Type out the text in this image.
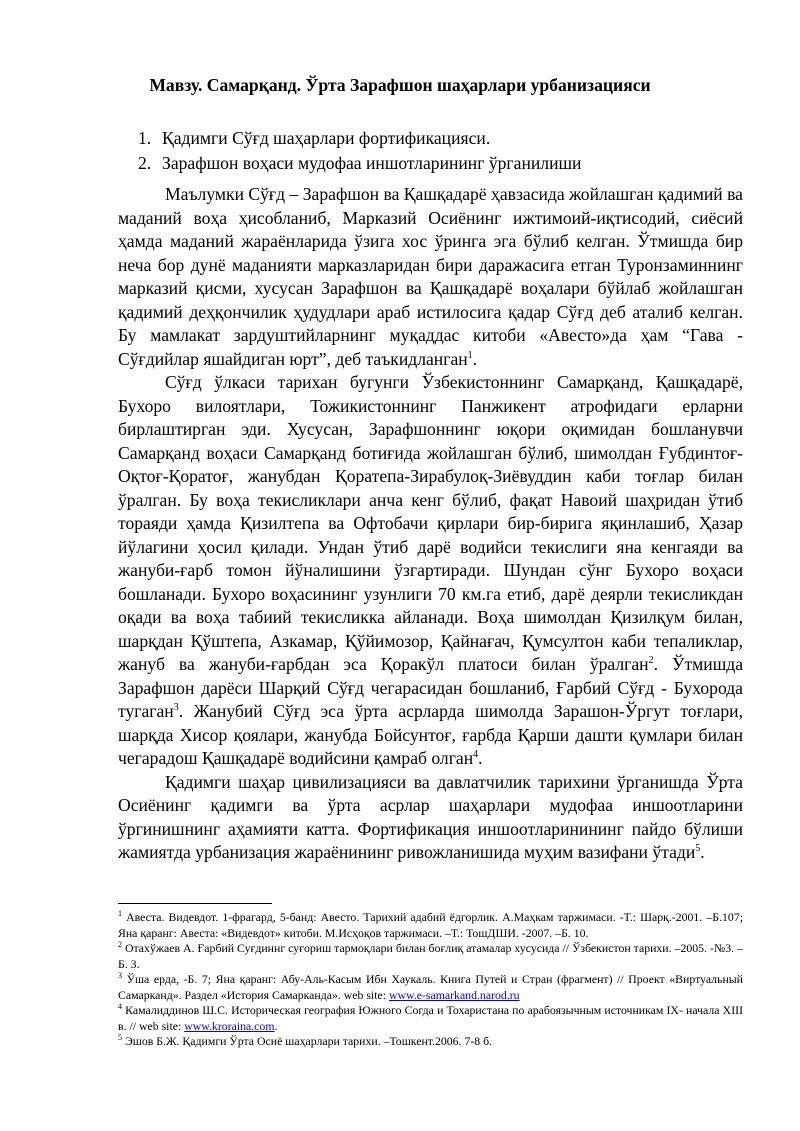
Мавзу. Самарқанд. Ўрта Зарафшон шаҳарлари урбанизацияси
1. Қадимги Сўғд шаҳарлари фортификацияси.
2. Зарафшон воҳаси мудофаа иншотларининг ўрганилиши

Маълумки Сўғд – Зарафшон ва Қашқадарё ҳавзасида жойлашган қадимий ва маданий воҳа ҳисобланиб, Марказий Осиёнинг ижтимоий-иқтисодий, сиёсий ҳамда маданий жараёнларида ўзига хос ўринга эга бўлиб келган. Ўтмишда бир неча бор дунё маданияти марказларидан бири даражасига етган Туронзаминнинг марказий қисми, хусусан Зарафшон ва Қашқадарё воҳалари бўйлаб жойлашган қадимий деҳқончилик ҳудудлари араб истилосига қадар Сўғд деб аталиб келган. Бу мамлакат зардуштийларнинг муқаддас китоби «Авесто»да ҳам “Гава - Сўғдийлар яшайдиган юрт”, деб таъкидланган$^1$.

Сўғд ўлкаси тарихан бугунги Ўзбекистоннинг Самарқанд, Қашқадарё, Бухоро вилоятлари, Тожикистоннинг Панжикент атрофидаги ерларни бирлаштирган эди. Хусусан, Зарафшоннинг юқори оқимидан бошланувчи Самарқанд воҳаси Самарқанд ботиғида жойлашган бўлиб, шимолдан Ғубдинтоғ-Оқтоғ-Қоратоғ, жанубдан Қоратепа-Зирабулоқ-Зиёвуддин каби тоғлар билан ўралган. Бу воҳа текисликлари анча кенг бўлиб, фақат Навоий шаҳридан ўтиб тораяди ҳамда Қизилтепа ва Офтобачи қирлари бир-бирига яқинлашиб, Ҳазар йўлагини ҳосил қилади. Ундан ўтиб дарё водийси текислиги яна кенгаяди ва жануби-ғарб томон йўналишини ўзгартиради. Шундан сўнг Бухоро воҳаси бошланади. Бухоро воҳасининг узунлиги 70 км.га етиб, дарё деярли текисликдан оқади ва воҳа табиий текисликка айланади. Воҳа шимолдан Қизилқум билан, шарқдан Қўштепа, Азкамар, Қўйимозор, Қайнағач, Қумсултон каби тепаликлар, жануб ва жануби-ғарбдан эса Қоракўл платоси билан ўралган$^2$. Ўтмишда Зарафшон дарёси Шарқий Сўғд чегарасидан бошланиб, Ғарбий Сўғд - Бухорода тугаган$^3$. Жанубий Сўғд эса ўрта асрларда шимолда Зарашон-Ўргут тоғлари, шарқда Хисор қоялари, жанубда Бойсунтоғ, ғарбда Қарши дашти қумлари билан чегарадош Қашқадарё водийсини қамраб олган$^4$.

Қадимги шаҳар цивилизацияси ва давлатчилик тарихини ўрганишда Ўрта Осиёнинг қадимги ва ўрта асрлар шаҳарлари мудофаа иншоотларини ўргинишнинг аҳамияти катта. Фортификация иншоотларинининг пайдо бўлиши жамиятда урбанизация жараёнининг ривожланишида муҳим вазифани ўтади$^5$.

$^1$ Авеста. Видевдот. 1-фрагард, 5-банд: Авесто. Тарихий адабий ёдгорлик. А.Маҳкам таржимаси. -Т.: Шарқ.-2001. –Б.107; Яна қаранг: Авеста: «Видевдот» китоби. М.Исҳоқов таржимаси. –Т.: ТошДШИ. -2007. –Б. 10.

$^2$ Отахўжаев А. Ғарбий Суғдиннг суғориш тармоқлари билан боғлиқ атамалар хусусида // Ўзбекистон тарихи. –2005. -№3. –Б. 3.

$^3$ Ўша ерда, -Б. 7; Яна қаранг: Абу-Аль-Касым Ибн Хаукаль. Книга Путей и Стран (фрагмент) // Проект «Виртуальный Самарканд». Раздел «История Самарканда». web site: www.e-samarkand.narod.ru

$^4$ Камалиддинов Ш.С. Историческая география Южного Согда и Тохаристана по арабоязычным источникам IX- начала XIII в. // web site: www.kroraina.com.

$^5$ Эшов Б.Ж. Қадимги Ўрта Осиё шаҳарлари тарихи. –Тошкент.2006. 7-8 б.
